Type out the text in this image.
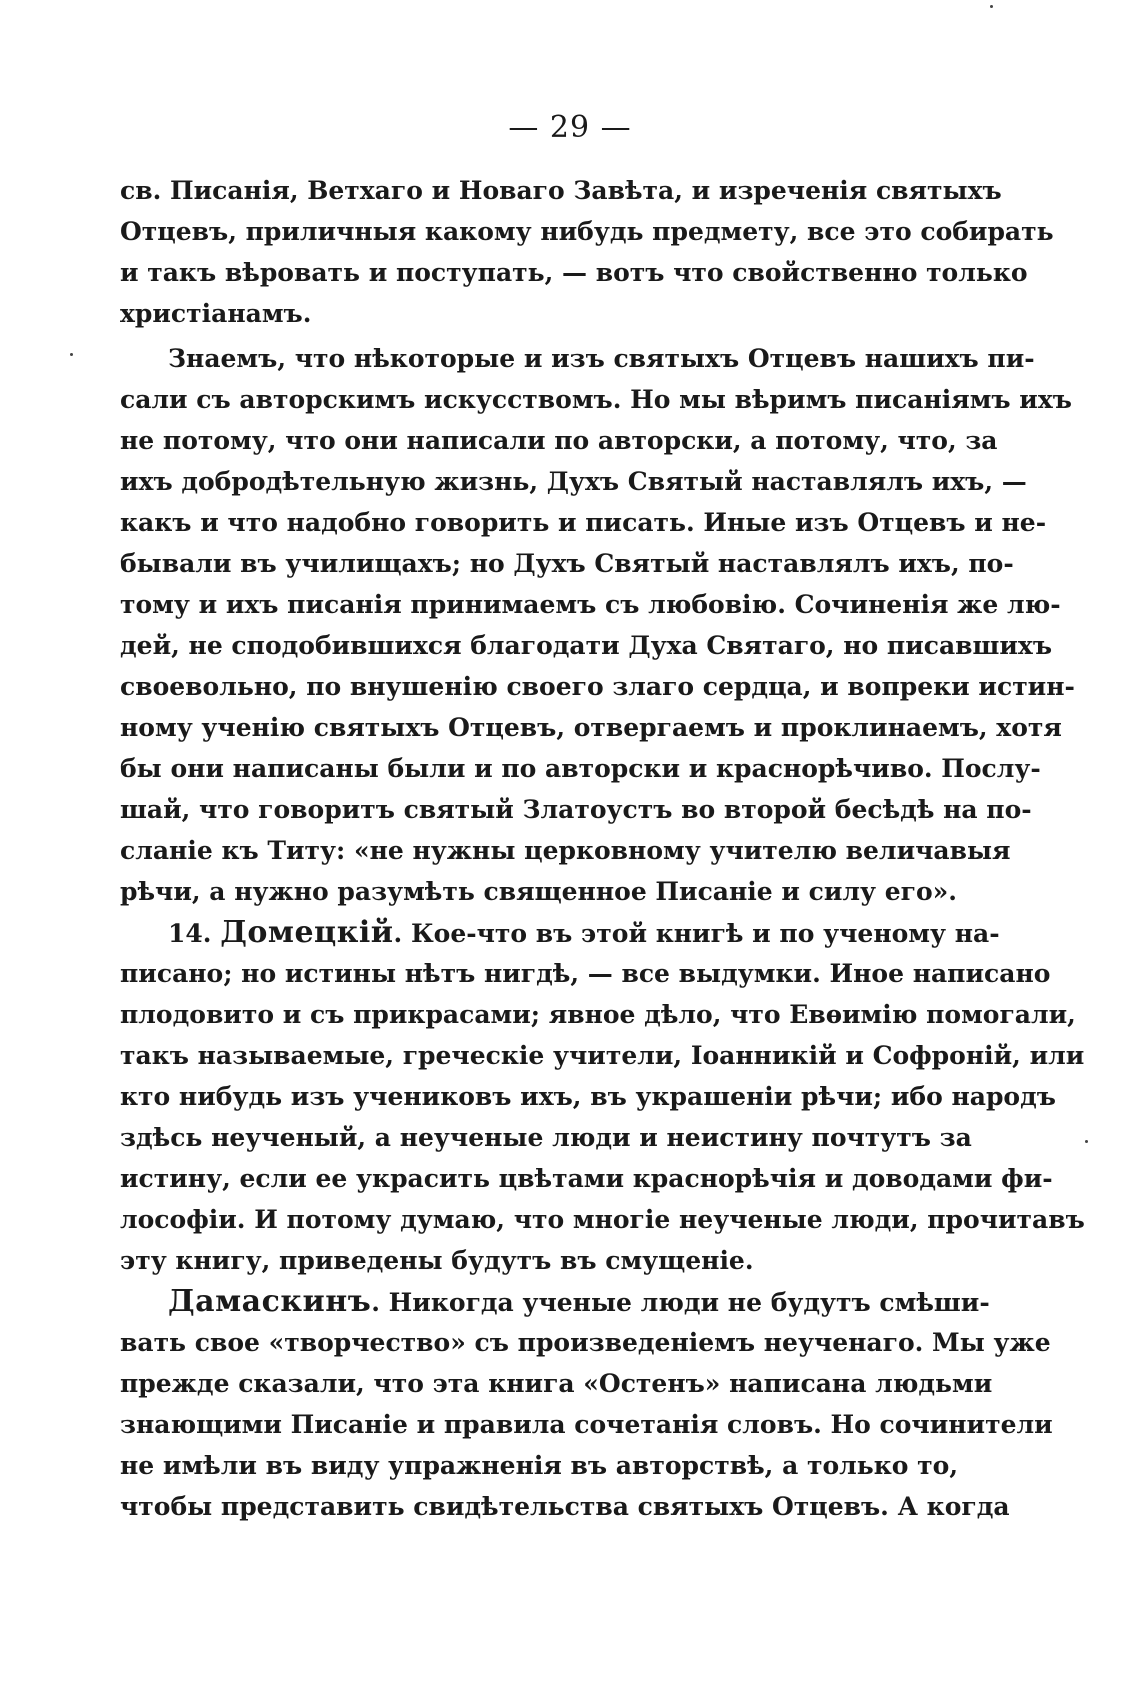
— 29 —
св. Писанія, Ветхаго и Новаго Завѣта, и изреченія святыхъ
Отцевъ, приличныя какому нибудь предмету, все это собирать
и такъ вѣровать и поступать, — вотъ что свойственно только
христіанамъ.
Знаемъ, что нѣкоторые и изъ святыхъ Отцевъ нашихъ пи-
сали съ авторскимъ искусствомъ. Но мы вѣримъ писаніямъ ихъ
не потому, что они написали по авторски, а потому, что, за
ихъ добродѣтельную жизнь, Духъ Святый наставлялъ ихъ, —
какъ и что надобно говорить и писать. Иные изъ Отцевъ и не-
бывали въ училищахъ; но Духъ Святый наставлялъ ихъ, по-
тому и ихъ писанія принимаемъ съ любовію. Сочиненія же лю-
дей, не сподобившихся благодати Духа Святаго, но писавшихъ
своевольно, по внушенію своего злаго сердца, и вопреки истин-
ному ученію святыхъ Отцевъ, отвергаемъ и проклинаемъ, хотя
бы они написаны были и по авторски и краснорѣчиво. Послу-
шай, что говоритъ святый Златоустъ во второй бесѣдѣ на по-
сланіе къ Титу: «не нужны церковному учителю величавыя
рѣчи, а нужно разумѣть священное Писаніе и силу его».
14. Домецкій. Кое-что въ этой книгѣ и по ученому на-
писано; но истины нѣтъ нигдѣ, — все выдумки. Иное написано
плодовито и съ прикрасами; явное дѣло, что Евѳимію помогали,
такъ называемые, греческіе учители, Іоанникій и Софроній, или
кто нибудь изъ учениковъ ихъ, въ украшеніи рѣчи; ибо народъ
здѣсь неученый, а неученые люди и неистину почтутъ за
истину, если ее украсить цвѣтами краснорѣчія и доводами фи-
лософіи. И потому думаю, что многіе неученые люди, прочитавъ
эту книгу, приведены будутъ въ смущеніе.
Дамаскинъ. Никогда ученые люди не будутъ смѣши-
вать свое «творчество» съ произведеніемъ неученаго. Мы уже
прежде сказали, что эта книга «Остенъ» написана людьми
знающими Писаніе и правила сочетанія словъ. Но сочинители
не имѣли въ виду упражненія въ авторствѣ, а только то,
чтобы представить свидѣтельства святыхъ Отцевъ. А когда
